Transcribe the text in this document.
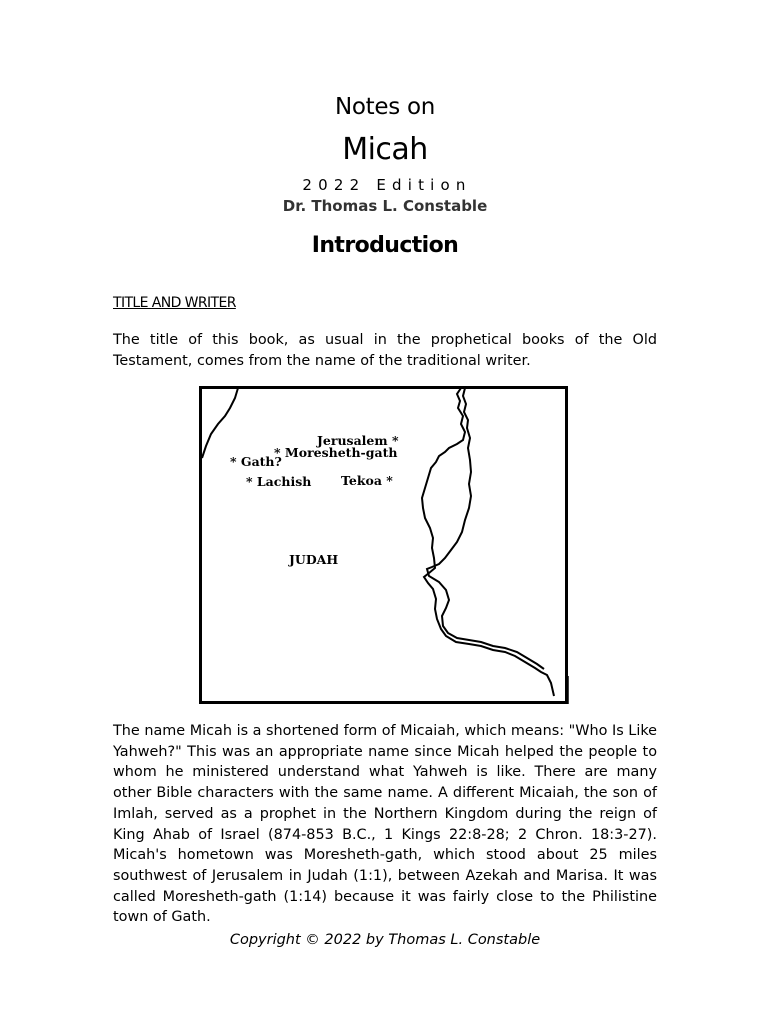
Notes on
Micah
2022 Edition
Dr. Thomas L. Constable
Introduction
TITLE AND WRITER
The title of this book, as usual in the prophetical books of the Old Testament, comes from the name of the traditional writer.
Jerusalem *
* Moresheth-gath
* Gath?
* Lachish Tekoa *
JUDAH
The name Micah is a shortened form of Micaiah, which means: "Who Is Like Yahweh?" This was an appropriate name since Micah helped the people to whom he ministered understand what Yahweh is like. There are many other Bible characters with the same name. A different Micaiah, the son of Imlah, served as a prophet in the Northern Kingdom during the reign of King Ahab of Israel (874-853 B.C., 1 Kings 22:8-28; 2 Chron. 18:3-27). Micah's hometown was Moresheth-gath, which stood about 25 miles southwest of Jerusalem in Judah (1:1), between Azekah and Marisa. It was called Moresheth-gath (1:14) because it was fairly close to the Philistine town of Gath.
Copyright © 2022 by Thomas L. Constable
